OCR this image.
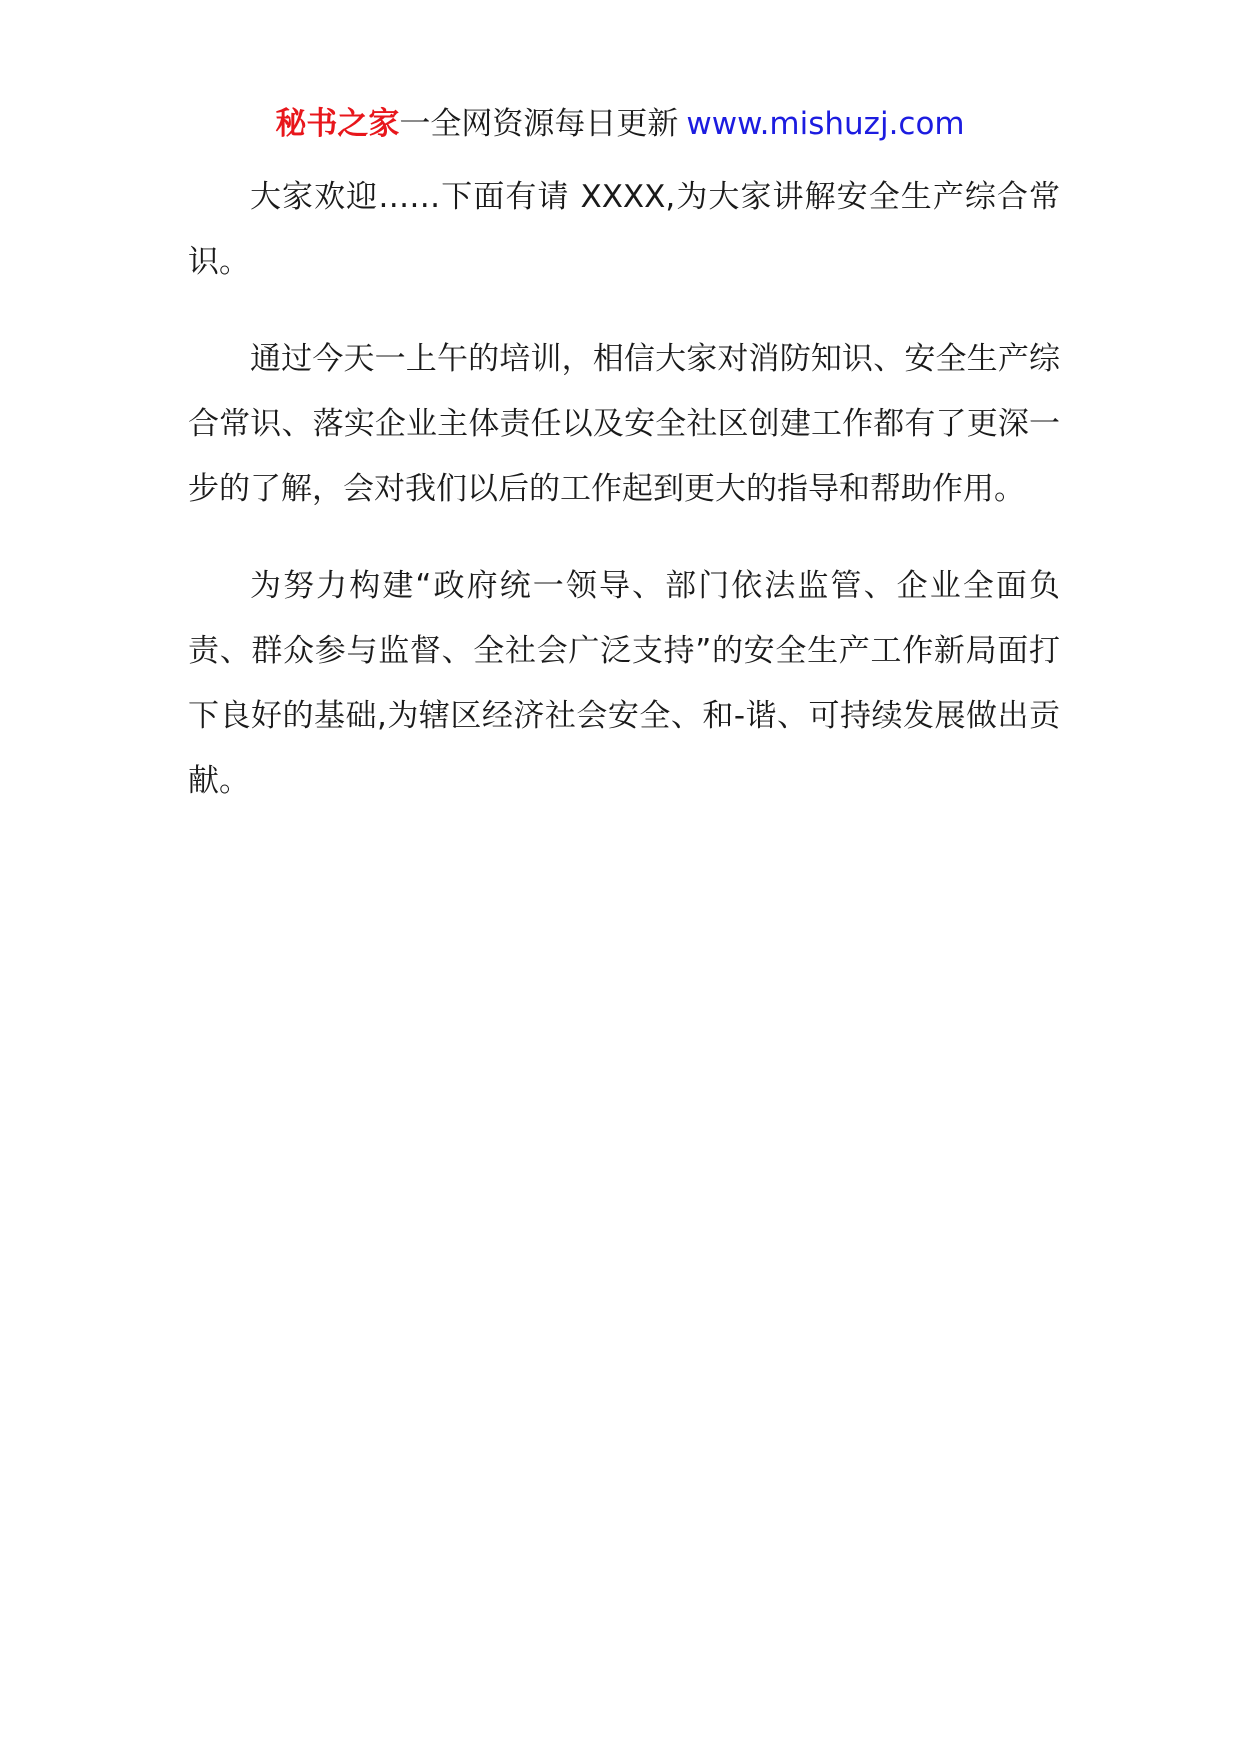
秘书之家一全网资源每日更新 www.mishuzj.com

大家欢迎……下面有请 XXXX,为大家讲解安全生产综合常识。

通过今天一上午的培训，相信大家对消防知识、安全生产综合常识、落实企业主体责任以及安全社区创建工作都有了更深一步的了解，会对我们以后的工作起到更大的指导和帮助作用。

为努力构建“政府统一领导、部门依法监管、企业全面负责、群众参与监督、全社会广泛支持”的安全生产工作新局面打下良好的基础,为辖区经济社会安全、和-谐、可持续发展做出贡献。
